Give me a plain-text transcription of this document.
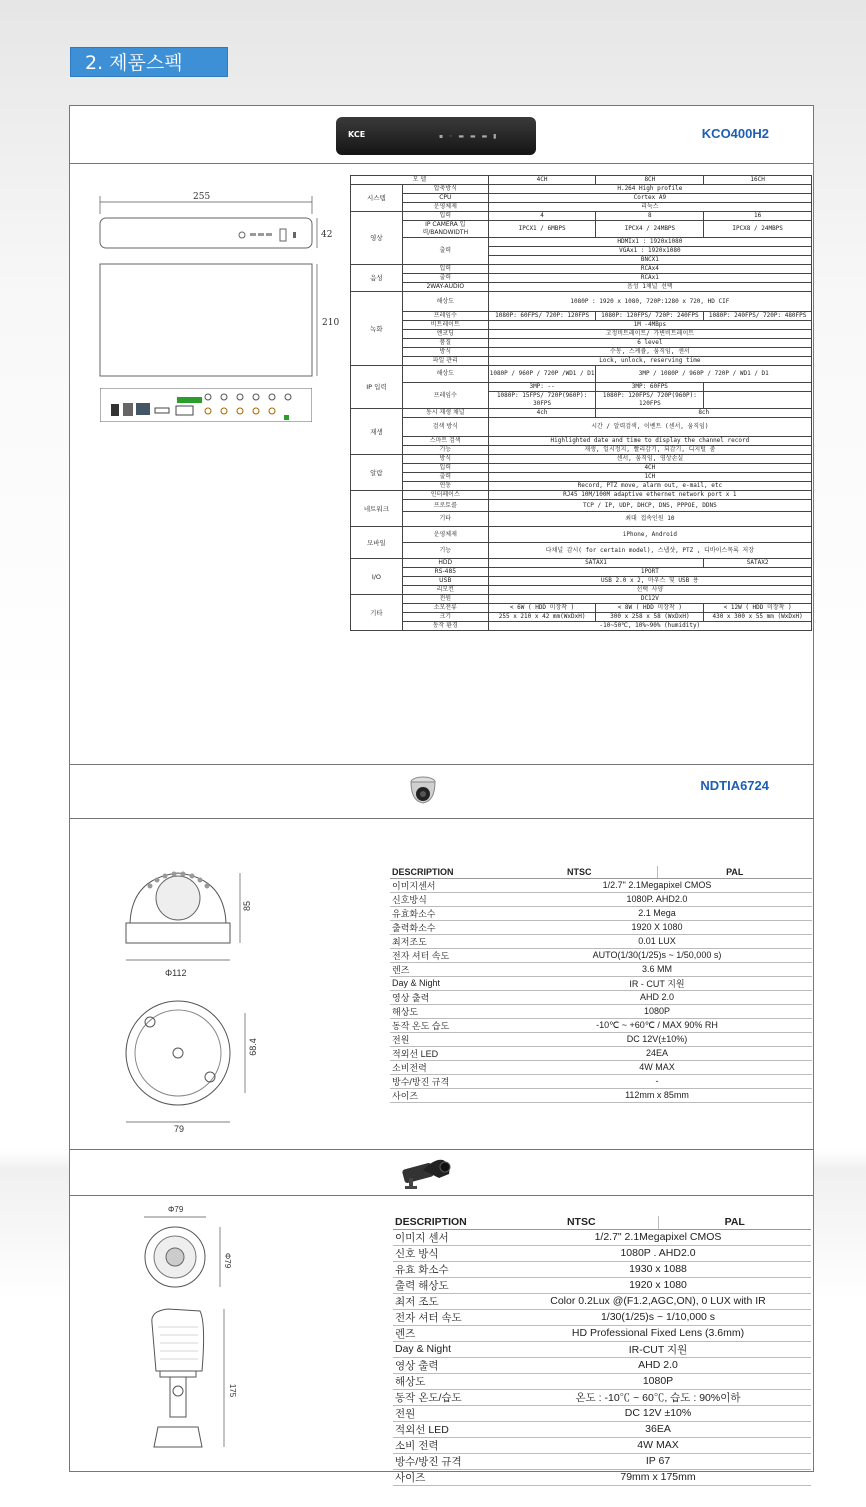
2. 제품스펙
KCE	▪ ◦ ▬ ▬ ▬ ▮	KCO400H2
255
42
210
모 델		4CH	8CH	16CH
시스템	압축방식	H.264 High profile		
	CPU	Cortex A9		
	운영체제	리눅스		
영상	입력	4	8	16
	IP CAMERA 입력/BANDWIDTH	IPCX1 / 6MBPS	IPCX4 / 24MBPS	IPCX8 / 24MBPS
	출력	HDMIx1 : 1920x1080		
		VGAx1 : 1920x1080		
		BNCX1		
음성	입력	RCAx4		
	출력	RCAx1		
	2WAY-AUDIO	음성 1채널 선택		
녹화	해상도	1080P : 1920 x 1080, 720P:1280 x 720, HD CIF		
	프레임수	1080P: 60FPS/ 720P: 120FPS	1080P: 120FPS/ 720P: 240FPS	1080P: 240FPS/ 720P: 480FPS
	비트레이트	1M -4MBps		
	엔코딩	고정비트레이트/ 가변비트레이트		
	품질	6 level		
	방식	수동, 스케쥴, 움직임, 센서		
	파일 관리	Lock, unlock, reserving time		
IP 입력	해상도	1080P / 960P / 720P /WD1 / D1	3MP / 1080P / 960P / 720P / WD1 / D1	
	프레임수	3MP: --	3MP: 60FPS	
		1080P: 15FPS/ 720P(960P): 30FPS	1080P: 120FPS/ 720P(960P): 120FPS	
재생	동시 재생 채널	4ch	8ch	
	검색 방식	시간 / 알력검색, 이벤트 (센서, 움직임)		
	스마트 검색	Highlighted date and time to display the channel record		
	기능	재생, 일시정지, 빨리감기, 되감기, 디지털 줌		
알람	방식	센서, 움직임, 영상손실		
	입력	4CH		
	출력	1CH		
	연동	Record, PTZ move, alarm out, e-mail, etc		
네트워크	인터페이스	RJ45 10M/100M adaptive ethernet network port x 1		
	프로토콜	TCP / IP, UDP, DHCP, DNS, PPPOE, DDNS		
	기타	최대 접속인원 10		
모바일	운영체제	iPhone, Android		
	기능	다채널 감시( for certain model), 스냅샷, PTZ , 디바이스목록 저장		
I/O	HDD	SATAX1		SATAX2
	RS-485	1PORT		
	USB	USB 2.0 x 2, 마우스 및 USB 용		
	리모컨	선택 사양		
기타	전원	DC12V		
	소모전류	< 6W ( HDD 미장착 )	< 8W ( HDD 미장착 )	< 12W ( HDD 미장착 )
	크기	255 x 210 x 42 mm(WxDxH)	300 x 258 x 58 (WxDxH)	430 x 300 x 55 mm (WxDxH)
	동작 환경	-10~50℃, 10%~90% (humidity)		
NDTIA6724
85
Φ112
68.4
79
DESCRIPTION	NTSC	PAL
이미지센서	1/2.7" 2.1Megapixel CMOS	
신호방식	1080P. AHD2.0	
유효화소수	2.1 Mega	
출력화소수	1920 X 1080	
최저조도	0.01 LUX	
전자 셔터 속도	AUTO(1/30(1/25)s ~ 1/50,000 s)	
렌즈	3.6 MM	
Day & Night	IR - CUT 지원	
영상 출력	AHD 2.0	
해상도	1080P	
동작 온도 습도	-10℃ ~ +60℃ / MAX 90% RH	
전원	DC 12V(±10%)	
적외선 LED	24EA	
소비전력	4W MAX	
방수/방진 규격	-	
사이즈	112mm x 85mm	
Φ79
Φ79
175
DESCRIPTION	NTSC	PAL
이미지 센서	1/2.7" 2.1Megapixel CMOS	
신호 방식	1080P . AHD2.0	
유효 화소수	1930 x 1088	
출력 해상도	1920 x 1080	
최저 조도	Color 0.2Lux @(F1.2,AGC,ON), 0 LUX with IR	
전자 셔터 속도	1/30(1/25)s ~ 1/10,000 s	
렌즈	HD Professional Fixed Lens (3.6mm)	
Day & Night	IR-CUT 지원	
영상 출력	AHD 2.0	
해상도	1080P	
동작 온도/습도	온도 : -10℃ ~ 60℃, 습도 : 90%이하	
전원	DC 12V ±10%	
적외선 LED	36EA	
소비 전력	4W MAX	
방수/방진 규격	IP 67	
사이즈	79mm x 175mm	
